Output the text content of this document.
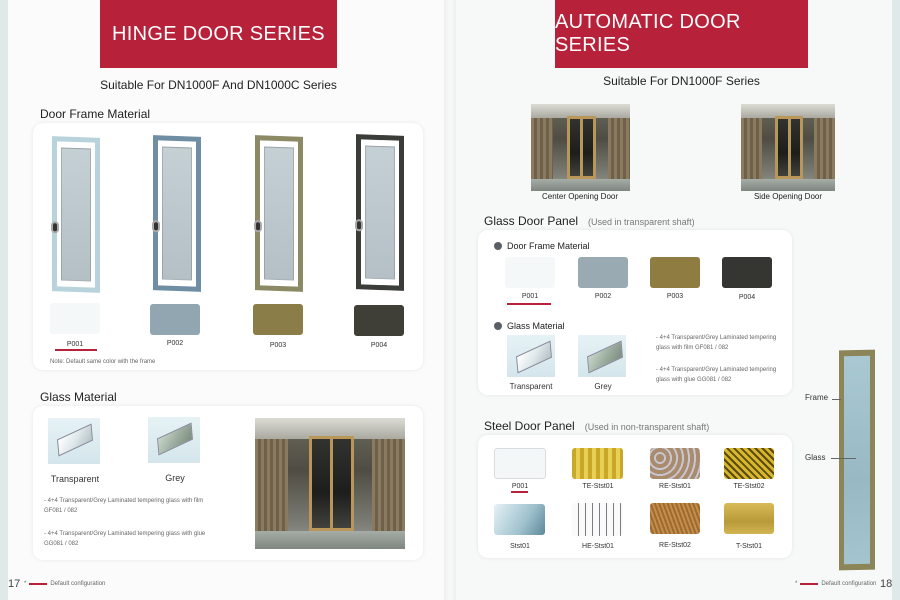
HINGE DOOR SERIES
Suitable For DN1000F And DN1000C Series
Door Frame Material
P001	P002	P003	P004
Note: Default same color with the frame
Glass Material
Transparent	Grey
- 4+4 Transparent/Grey Laminated tempering glass with film GF081 / 082
- 4+4 Transparent/Grey Laminated tempering glass with glue GG081 / 082
17 *	Default configuration
AUTOMATIC DOOR SERIES
Suitable For DN1000F Series
Center Opening Door	Side Opening Door
Glass Door Panel (Used in transparent shaft)
Door Frame Material
P001	P002	P003	P004
Glass Material
Transparent	Grey
- 4+4 Transparent/Grey Laminated tempering glass with film GF081 / 082
- 4+4 Transparent/Grey Laminated tempering glass with glue GG081 / 082
Steel Door Panel (Used in non-transparent shaft)
P001	TE-Stst01	RE-Stst01	TE-Stst02
Stst01	HE-Stst01	RE-Stst02	T-Stst01
Frame
Glass
*	Default configuration 18
